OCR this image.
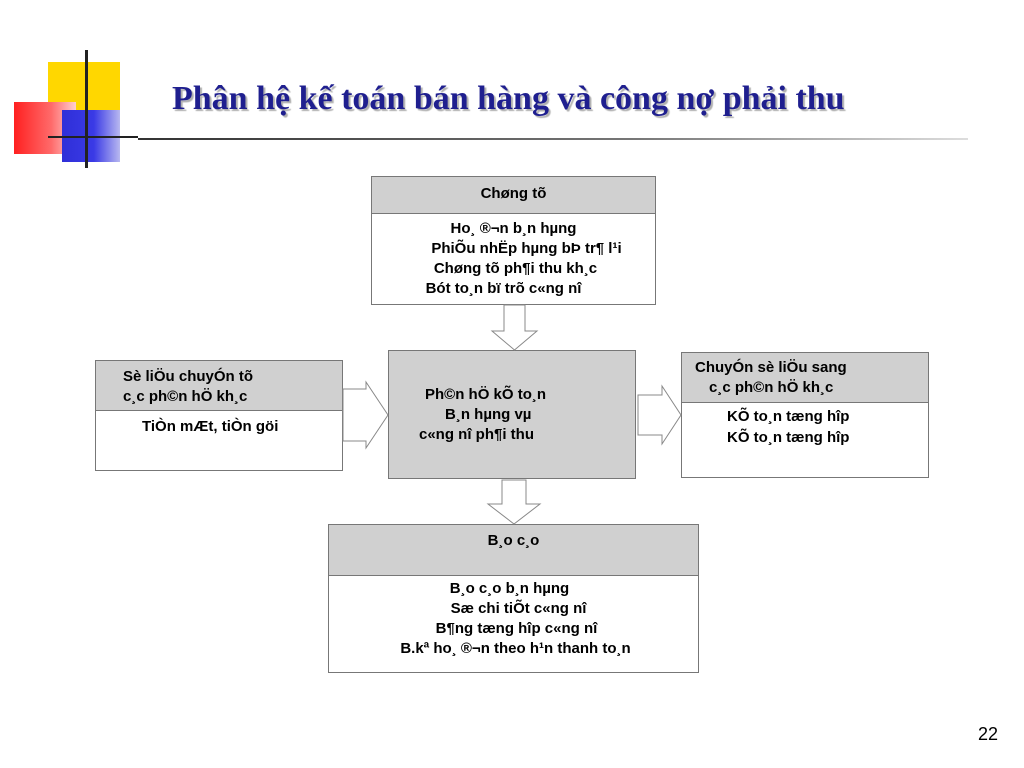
Phân hệ kế toán bán hàng và công nợ phải thu
Chøng tõ
Ho¸ ®¬n b¸n hµng
PhiÕu nhËp hµng bÞ tr¶ l¹i
Chøng tõ ph¶i thu kh¸c
Bót to¸n bï trõ c«ng nî
Sè liÖu chuyÓn tõ
c¸c ph©n hÖ kh¸c
TiÒn mÆt, tiÒn göi
Ph©n hÖ kÕ to¸n
B¸n hµng vµ
c«ng nî ph¶i thu
ChuyÓn sè liÖu sang
c¸c ph©n hÖ kh¸c
KÕ to¸n tæng hîp
KÕ to¸n tæng hîp
B¸o c¸o
B¸o c¸o b¸n hµng
Sæ chi tiÕt c«ng nî
B¶ng tæng hîp c«ng nî
B.kª ho¸ ®¬n theo h¹n thanh to¸n
22
